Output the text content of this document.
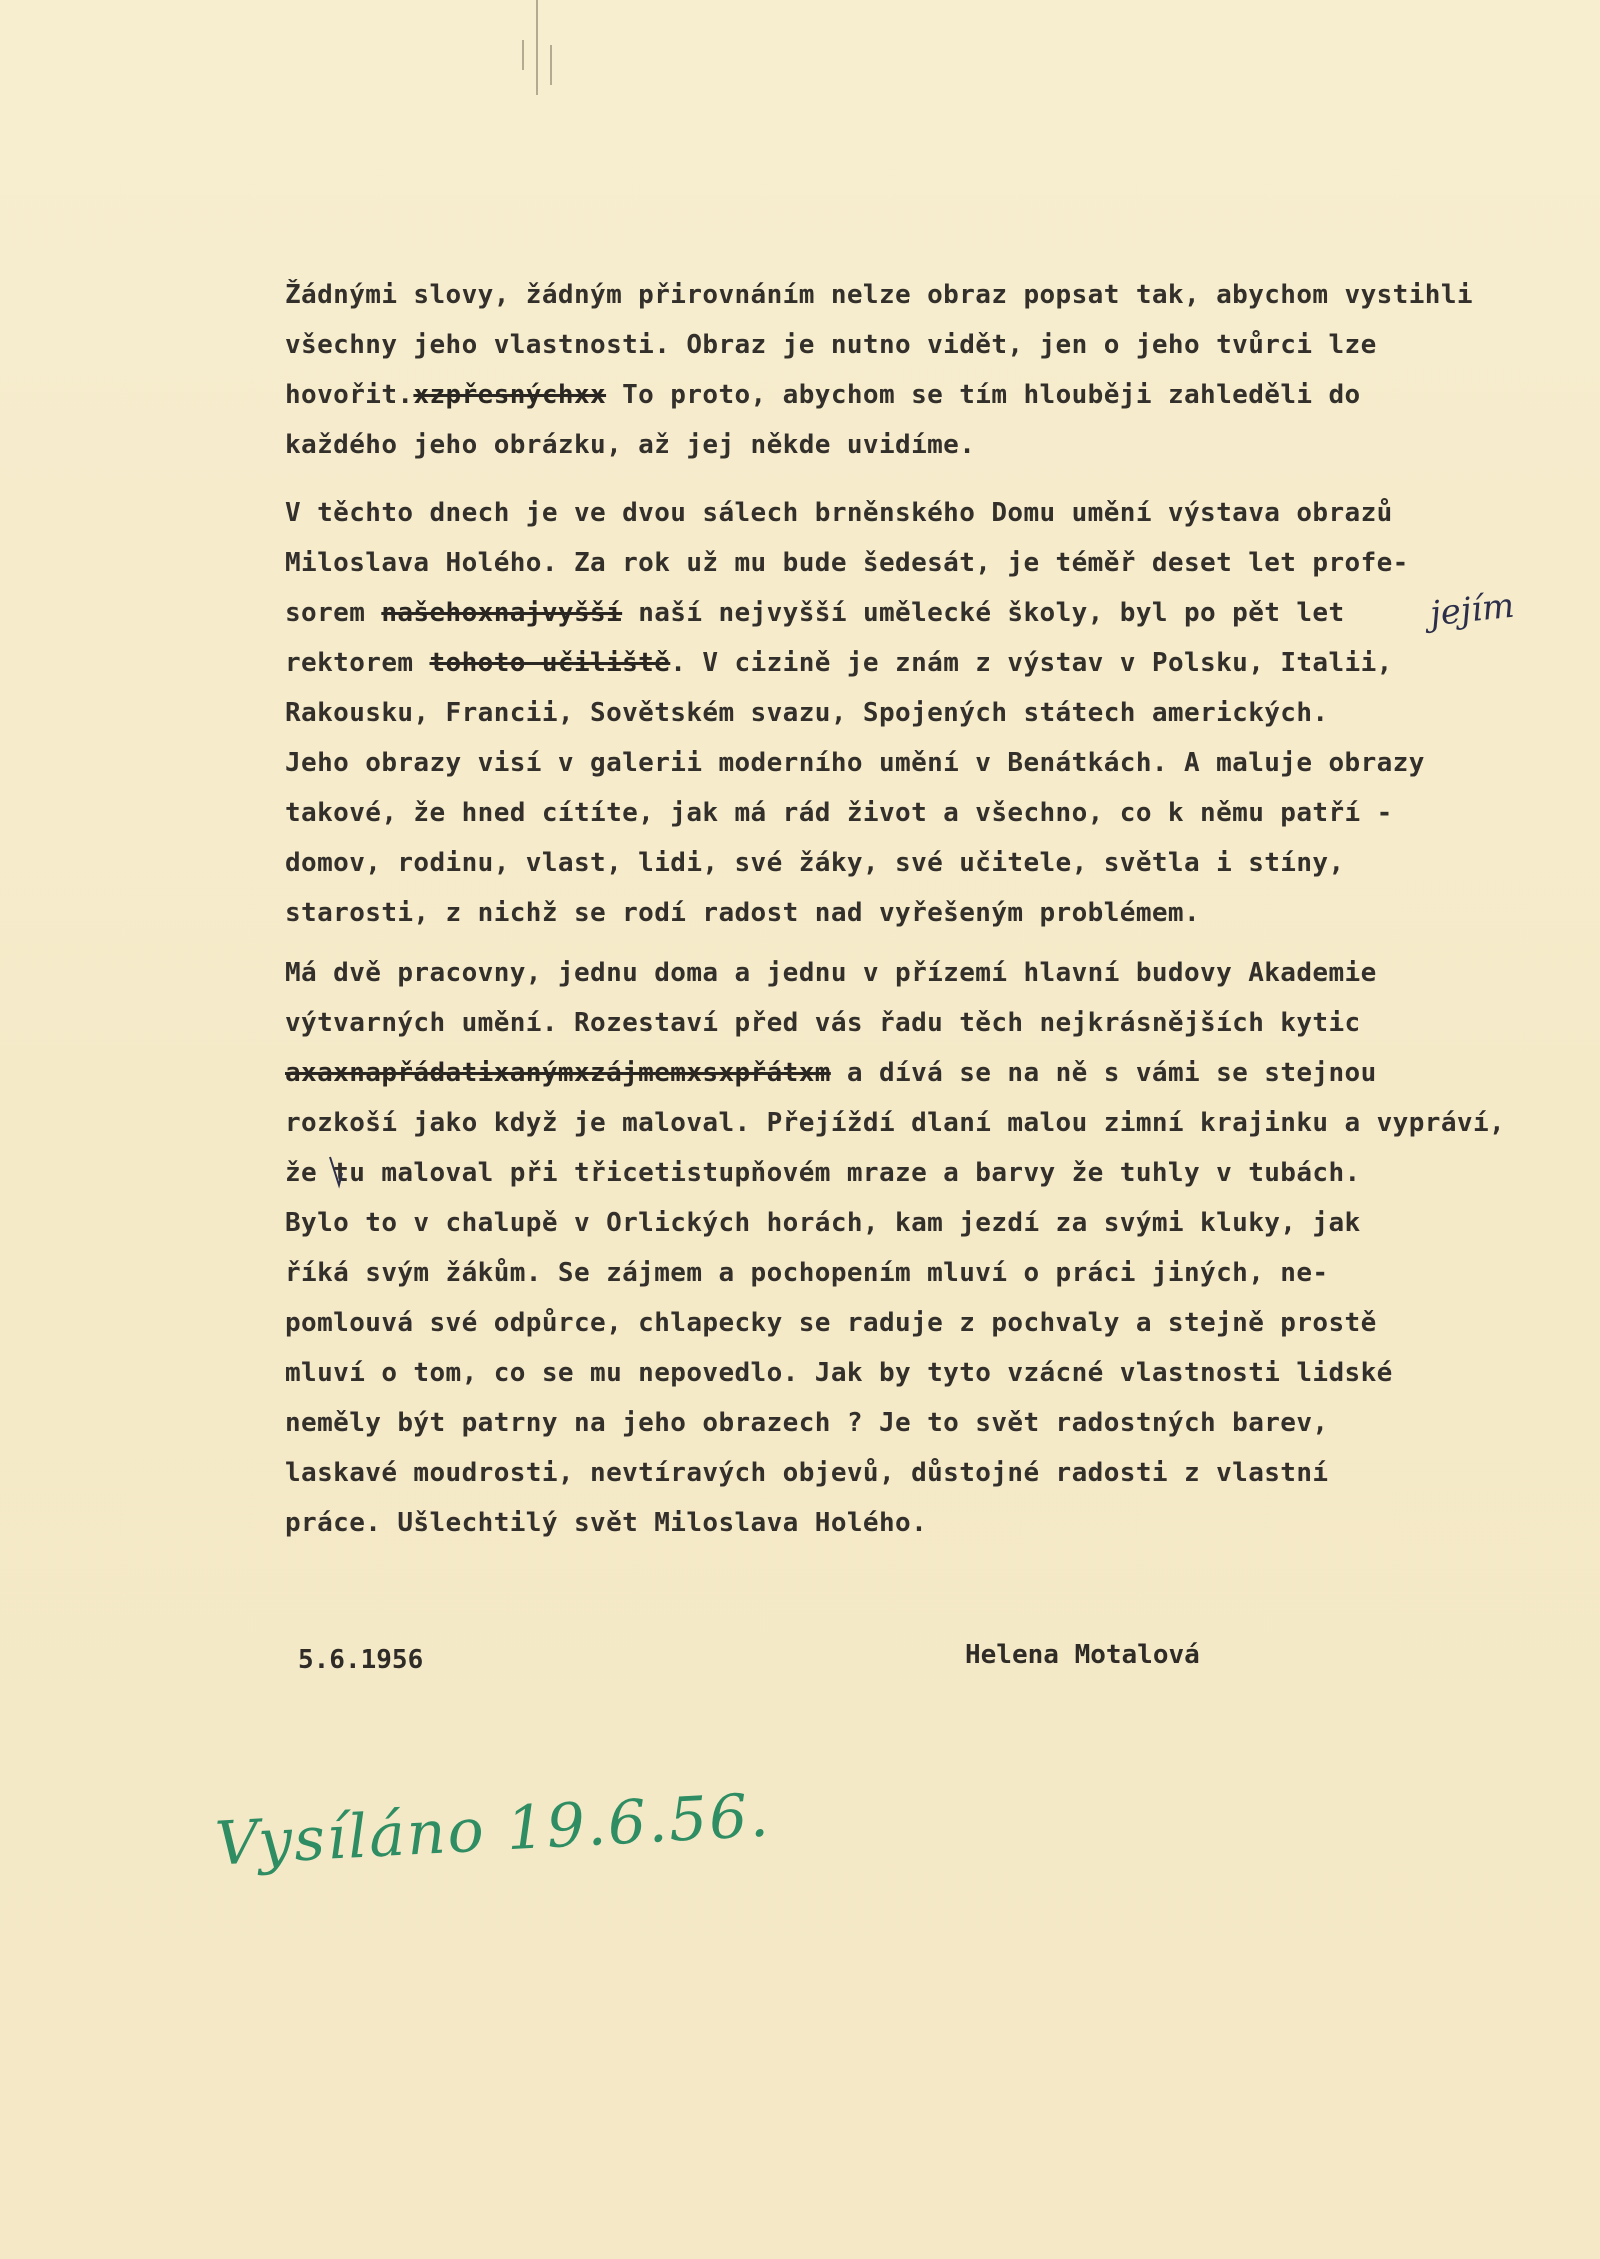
Žádnými slovy, žádným přirovnáním nelze obraz popsat tak, abychom vystihli
všechny jeho vlastnosti. Obraz je nutno vidět, jen o jeho tvůrci lze
hovořit.xzpřesnýchxx To proto, abychom se tím hlouběji zahleděli do
každého jeho obrázku, až jej někde uvidíme.
V těchto dnech je ve dvou sálech brněnského Domu umění výstava obrazů
Miloslava Holého. Za rok už mu bude šedesát, je téměř deset let profe-
sorem našehoxnajvyšší naší nejvyšší umělecké školy, byl po pět let
rektorem tohoto učiliště. V cizině je znám z výstav v Polsku, Italii,
Rakousku, Francii, Sovětském svazu, Spojených státech amerických.
Jeho obrazy visí v galerii moderního umění v Benátkách. A maluje obrazy
takové, že hned cítíte, jak má rád život a všechno, co k němu patří -
domov, rodinu, vlast, lidi, své žáky, své učitele, světla i stíny,
starosti, z nichž se rodí radost nad vyřešeným problémem.
Má dvě pracovny, jednu doma a jednu v přízemí hlavní budovy Akademie
výtvarných umění. Rozestaví před vás řadu těch nejkrásnějších kytic
axaxnapřádatixanýmxzájmemxsxpřátxm a dívá se na ně s vámi se stejnou
rozkoší jako když je maloval. Přejíždí dlaní malou zimní krajinku a vypráví,
že tu maloval při třicetistupňovém mraze a barvy že tuhly v tubách.
Bylo to v chalupě v Orlických horách, kam jezdí za svými kluky, jak
říká svým žákům. Se zájmem a pochopením mluví o práci jiných, ne-
pomlouvá své odpůrce, chlapecky se raduje z pochvaly a stejně prostě
mluví o tom, co se mu nepovedlo. Jak by tyto vzácné vlastnosti lidské
neměly být patrny na jeho obrazech ? Je to svět radostných barev,
laskavé moudrosti, nevtíravých objevů, důstojné radosti z vlastní
práce. Ušlechtilý svět Miloslava Holého.
jejím
5.6.1956	Helena Motalová
Vysíláno 19.6.56.
